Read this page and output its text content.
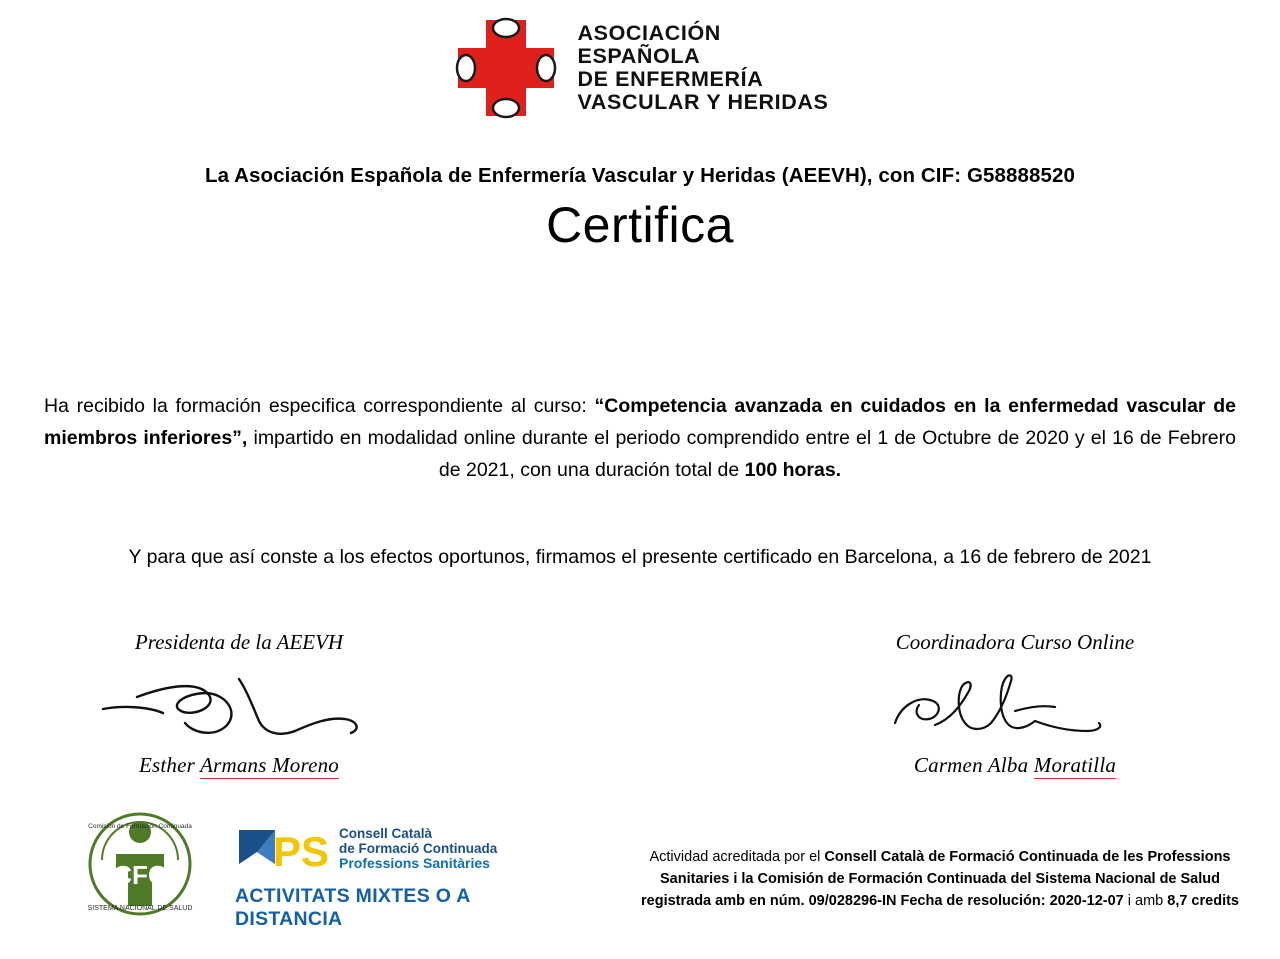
ASOCIACIÓN
ESPAÑOLA
DE ENFERMERÍA
VASCULAR Y HERIDAS
La Asociación Española de Enfermería Vascular y Heridas (AEEVH), con CIF: G58888520
Certifica
Ha recibido la formación especifica correspondiente al curso: “Competencia avanzada en cuidados en la enfermedad vascular de miembros inferiores”, impartido en modalidad online durante el periodo comprendido entre el 1 de Octubre de 2020 y el 16 de Febrero de 2021, con una duración total de 100 horas.
Y para que así conste a los efectos oportunos, firmamos el presente certificado en Barcelona, a 16 de febrero de 2021
Presidenta de la AEEVH
Esther Armans Moreno
Coordinadora Curso Online
Carmen Alba Moratilla
Comisión de Formación Continuada
SISTEMA NACIONAL DE SALUD
CFC	PS Consell Català
de Formació Continuada
Professions Sanitàries
ACTIVITATS MIXTES O A DISTANCIA
Actividad acreditada por el Consell Català de Formació Continuada de les Professions
Sanitaries i la Comisión de Formación Continuada del Sistema Nacional de Salud
registrada amb en núm. 09/028296-IN Fecha de resolución: 2020-12-07 i amb 8,7 credits
